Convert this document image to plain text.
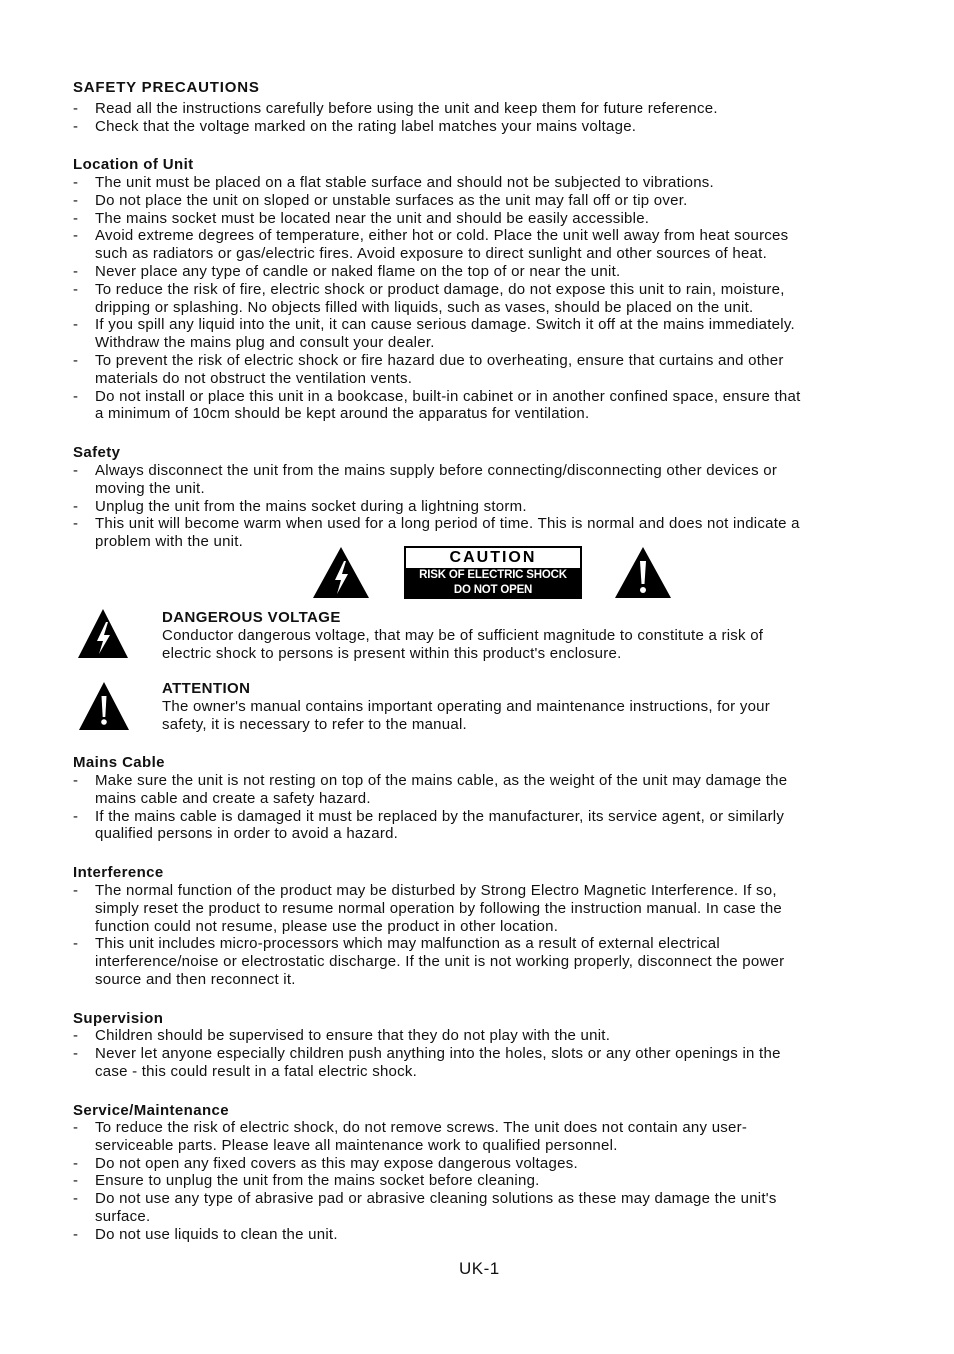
SAFETY PRECAUTIONS
- Read all the instructions carefully before using the unit and keep them for future reference.
- Check that the voltage marked on the rating label matches your mains voltage.
Location of Unit
- The unit must be placed on a flat stable surface and should not be subjected to vibrations.
- Do not place the unit on sloped or unstable surfaces as the unit may fall off or tip over.
- The mains socket must be located near the unit and should be easily accessible.
- Avoid extreme degrees of temperature, either hot or cold. Place the unit well away from heat sources
such as radiators or gas/electric fires. Avoid exposure to direct sunlight and other sources of heat.
- Never place any type of candle or naked flame on the top of or near the unit.
- To reduce the risk of fire, electric shock or product damage, do not expose this unit to rain, moisture,
dripping or splashing. No objects filled with liquids, such as vases, should be placed on the unit.
- If you spill any liquid into the unit, it can cause serious damage. Switch it off at the mains immediately.
Withdraw the mains plug and consult your dealer.
- To prevent the risk of electric shock or fire hazard due to overheating, ensure that curtains and other
materials do not obstruct the ventilation vents.
- Do not install or place this unit in a bookcase, built-in cabinet or in another confined space, ensure that
a minimum of 10cm should be kept around the apparatus for ventilation.
Safety
- Always disconnect the unit from the mains supply before connecting/disconnecting other devices or
moving the unit.
- Unplug the unit from the mains socket during a lightning storm.
- This unit will become warm when used for a long period of time. This is normal and does not indicate a
problem with the unit.
CAUTION
RISK OF ELECTRIC SHOCK
DO NOT OPEN
DANGEROUS VOLTAGE
Conductor dangerous voltage, that may be of sufficient magnitude to constitute a risk of
electric shock to persons is present within this product's enclosure.
ATTENTION
The owner's manual contains important operating and maintenance instructions, for your
safety, it is necessary to refer to the manual.
Mains Cable
- Make sure the unit is not resting on top of the mains cable, as the weight of the unit may damage the
mains cable and create a safety hazard.
- If the mains cable is damaged it must be replaced by the manufacturer, its service agent, or similarly
qualified persons in order to avoid a hazard.
Interference
- The normal function of the product may be disturbed by Strong Electro Magnetic Interference. If so,
simply reset the product to resume normal operation by following the instruction manual. In case the
function could not resume, please use the product in other location.
- This unit includes micro-processors which may malfunction as a result of external electrical
interference/noise or electrostatic discharge. If the unit is not working properly, disconnect the power
source and then reconnect it.
Supervision
- Children should be supervised to ensure that they do not play with the unit.
- Never let anyone especially children push anything into the holes, slots or any other openings in the
case - this could result in a fatal electric shock.
Service/Maintenance
- To reduce the risk of electric shock, do not remove screws. The unit does not contain any user-
serviceable parts. Please leave all maintenance work to qualified personnel.
- Do not open any fixed covers as this may expose dangerous voltages.
- Ensure to unplug the unit from the mains socket before cleaning.
- Do not use any type of abrasive pad or abrasive cleaning solutions as these may damage the unit's
surface.
- Do not use liquids to clean the unit.
UK-1
